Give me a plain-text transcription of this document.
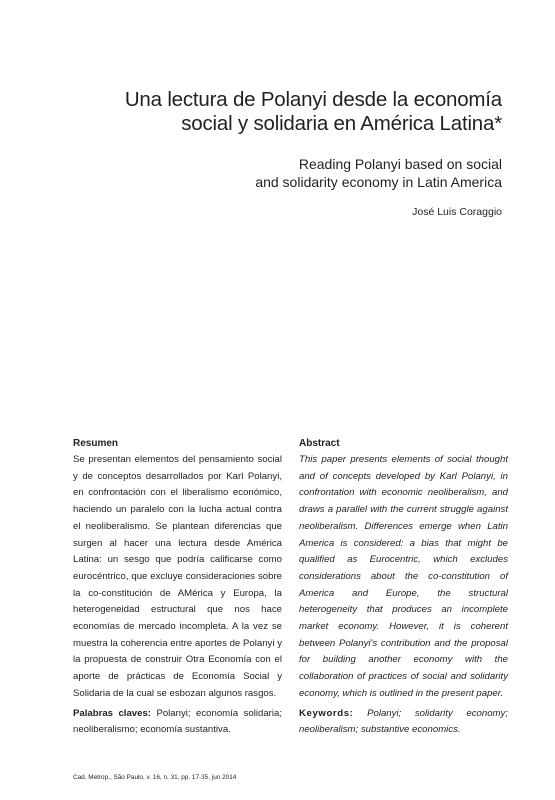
Una lectura de Polanyi desde la economía
social y solidaria en América Latina*
Reading Polanyi based on social
and solidarity economy in Latin America
José Luis Coraggio
Resumen

Se presentan elementos del pensamiento social y de conceptos desarrollados por Karl Polanyi, en confrontación con el liberalismo económico, haciendo un paralelo con la lucha actual contra el neoliberalismo. Se plantean diferencias que surgen al hacer una lectura desde América Latina: un sesgo que podría calificarse como eurocéntrico, que excluye consideraciones sobre la co-constitución de AMérica y Europa, la heterogeneidad estructural que nos hace economías de mercado incompleta. A la vez se muestra la coherencia entre aportes de Polanyi y la propuesta de construir Otra Economía con el aporte de prácticas de Economía Social y Solidaria de la cual se esbozan algunos rasgos.

Palabras claves: Polanyi; economía solidaria; neoliberalismo; economía sustantiva.

Abstract

This paper presents elements of social thought and of concepts developed by Karl Polanyi, in confrontation with economic neoliberalism, and draws a parallel with the current struggle against neoliberalism. Differences emerge when Latin America is considered: a bias that might be qualified as Eurocentric, which excludes considerations about the co-constitution of America and Europe, the structural heterogeneity that produces an incomplete market economy. However, it is coherent between Polanyi's contribution and the proposal for building another economy with the collaboration of practices of social and solidarity economy, which is outlined in the present paper.

Keywords: Polanyi; solidarity economy; neoliberalism; substantive economics.

Cad. Metrop., São Paulo, v. 16, n. 31, pp. 17-35, jun 2014
